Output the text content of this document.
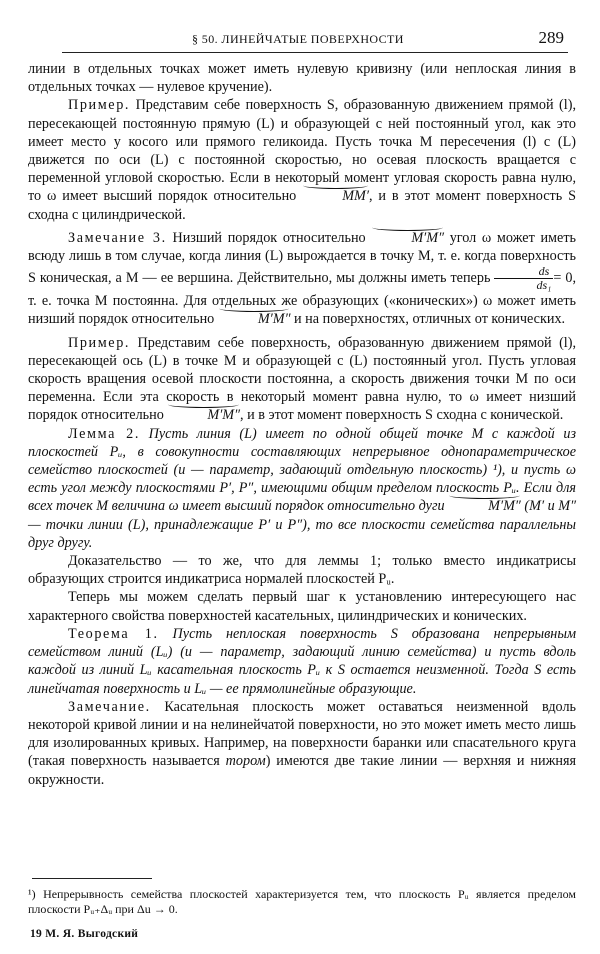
§ 50. ЛИНЕЙЧАТЫЕ ПОВЕРХНОСТИ	289

линии в отдельных точках может иметь нулевую кривизну (или неплоская линия в отдельных точках — нулевое кручение).

Пример. Представим себе поверхность S, образованную движением прямой (l), пересекающей постоянную прямую (L) и образующей с ней постоянный угол, как это имеет место у косого или прямого геликоида. Пусть точка M пересечения (l) с (L) движется по оси (L) с постоянной скоростью, но осевая плоскость вращается с переменной угловой скоростью. Если в некоторый момент угловая скорость равна нулю, то ω имеет высший порядок относительно	MM′, и в этот момент поверхность S сходна с цилиндрической.

Замечание 3. Низший порядок относительно	M′M″ угол ω может иметь всюду лишь в том случае, когда линия (L) вырождается в точку M, т. е. когда поверхность S коническая, а M — ее вершина. Действительно, мы должны иметь теперь $\frac{ds}{\text{ds₁}} = 0$, т. е. точка M постоянна. Для отдельных же образующих («конических») ω может иметь низший порядок относительно	M′M″ и на поверхностях, отличных от конических.

Пример. Представим себе поверхность, образованную движением прямой (l), пересекающей ось (L) в точке M и образующей с (L) постоянный угол. Пусть угловая скорость вращения осевой плоскости постоянна, а скорость движения точки M по оси переменна. Если эта скорость в некоторый момент равна нулю, то ω имеет низший порядок относительно	M′M″, и в этот момент поверхность S сходна с конической.

Лемма 2. Пусть линия (L) имеет по одной общей точке M с каждой из плоскостей Pᵤ, в совокупности составляющих непрерывное однопараметрическое семейство плоскостей (u — параметр, задающий отдельную плоскость) ¹), и пусть ω есть угол между плоскостями P′, P″, имеющими общим пределом плоскость Pᵤ. Если для всех точек M величина ω имеет высший порядок относительно дуги	M′M″ (M′ и M″ — точки линии (L), принадлежащие P′ и P″), то все плоскости семейства параллельны друг другу.

Доказательство — то же, что для леммы 1; только вместо индикатрисы образующих строится индикатриса нормалей плоскостей Pᵤ.

Теперь мы можем сделать первый шаг к установлению интересующего нас характерного свойства поверхностей касательных, цилиндрических и конических.

Теорема 1. Пусть неплоская поверхность S образована непрерывным семейством линий (Lᵤ) (u — параметр, задающий линию семейства) и пусть вдоль каждой из линий Lᵤ касательная плоскость Pᵤ к S остается неизменной. Тогда S есть линейчатая поверхность и Lᵤ — ее прямолинейные образующие.

Замечание. Касательная плоскость может оставаться неизменной вдоль некоторой кривой линии и на нелинейчатой поверхности, но это может иметь место лишь для изолированных кривых. Например, на поверхности баранки или спасательного круга (такая поверхность называется тором) имеются две такие линии — верхняя и нижняя окружности.

¹) Непрерывность семейства плоскостей характеризуется тем, что плоскость Pᵤ является пределом плоскости Pᵤ₊Δᵤ при Δu → 0.
19 М. Я. Выгодский
